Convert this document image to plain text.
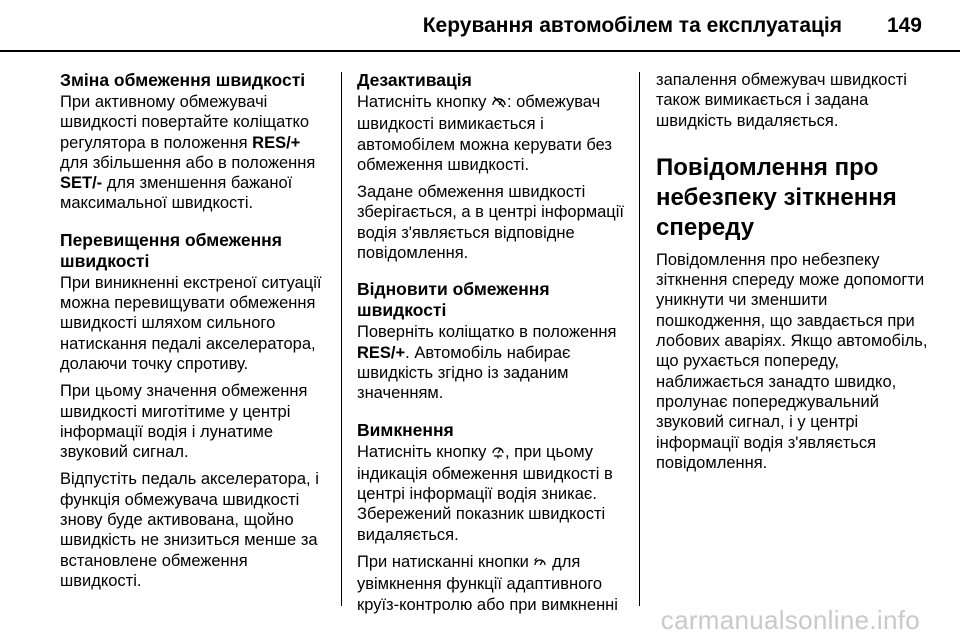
Керування автомобілем та експлуатація 149
Зміна обмеження швидкості

При активному обмежувачі швидкості повертайте коліщатко регулятора в положення RES/+ для збільшення або в положення SET/- для зменшення бажаної максимальної швидкості.

Перевищення обмеження швидкості

При виникненні екстреної ситуації можна перевищувати обмеження швидкості шляхом сильного натискання педалі акселератора, долаючи точку спротиву.

При цьому значення обмеження швидкості миготітиме у центрі інформації водія і лунатиме звуковий сигнал.

Відпустіть педаль акселератора, і функція обмежувача швидкості знову буде активована, щойно швидкість не знизиться менше за встановлене обмеження швидкості.

Дезактивація

Натисніть кнопку : обмежувач швидкості вимикається і автомобілем можна керувати без обмеження швидкості.

Задане обмеження швидкості зберігається, а в центрі інформації водія з'являється відповідне повідомлення.

Відновити обмеження швидкості

Поверніть коліщатко в положення RES/+. Автомобіль набирає швидкість згідно із заданим значенням.

Вимкнення

Натисніть кнопку , при цьому індикація обмеження швидкості в центрі інформації водія зникає. Збережений показник швидкості видаляється.

При натисканні кнопки  для увімкнення функції адаптивного круїз-контролю або при вимкненні

запалення обмежувач швидкості також вимикається і задана швидкість видаляється.

Повідомлення про небезпеку зіткнення спереду

Повідомлення про небезпеку зіткнення спереду може допомогти уникнути чи зменшити пошкодження, що завдається при лобових аваріях. Якщо автомобіль, що рухається попереду, наближається занадто швидко, пролунає попереджувальний звуковий сигнал, і у центрі інформації водія з'являється повідомлення.

carmanualsonline.info
